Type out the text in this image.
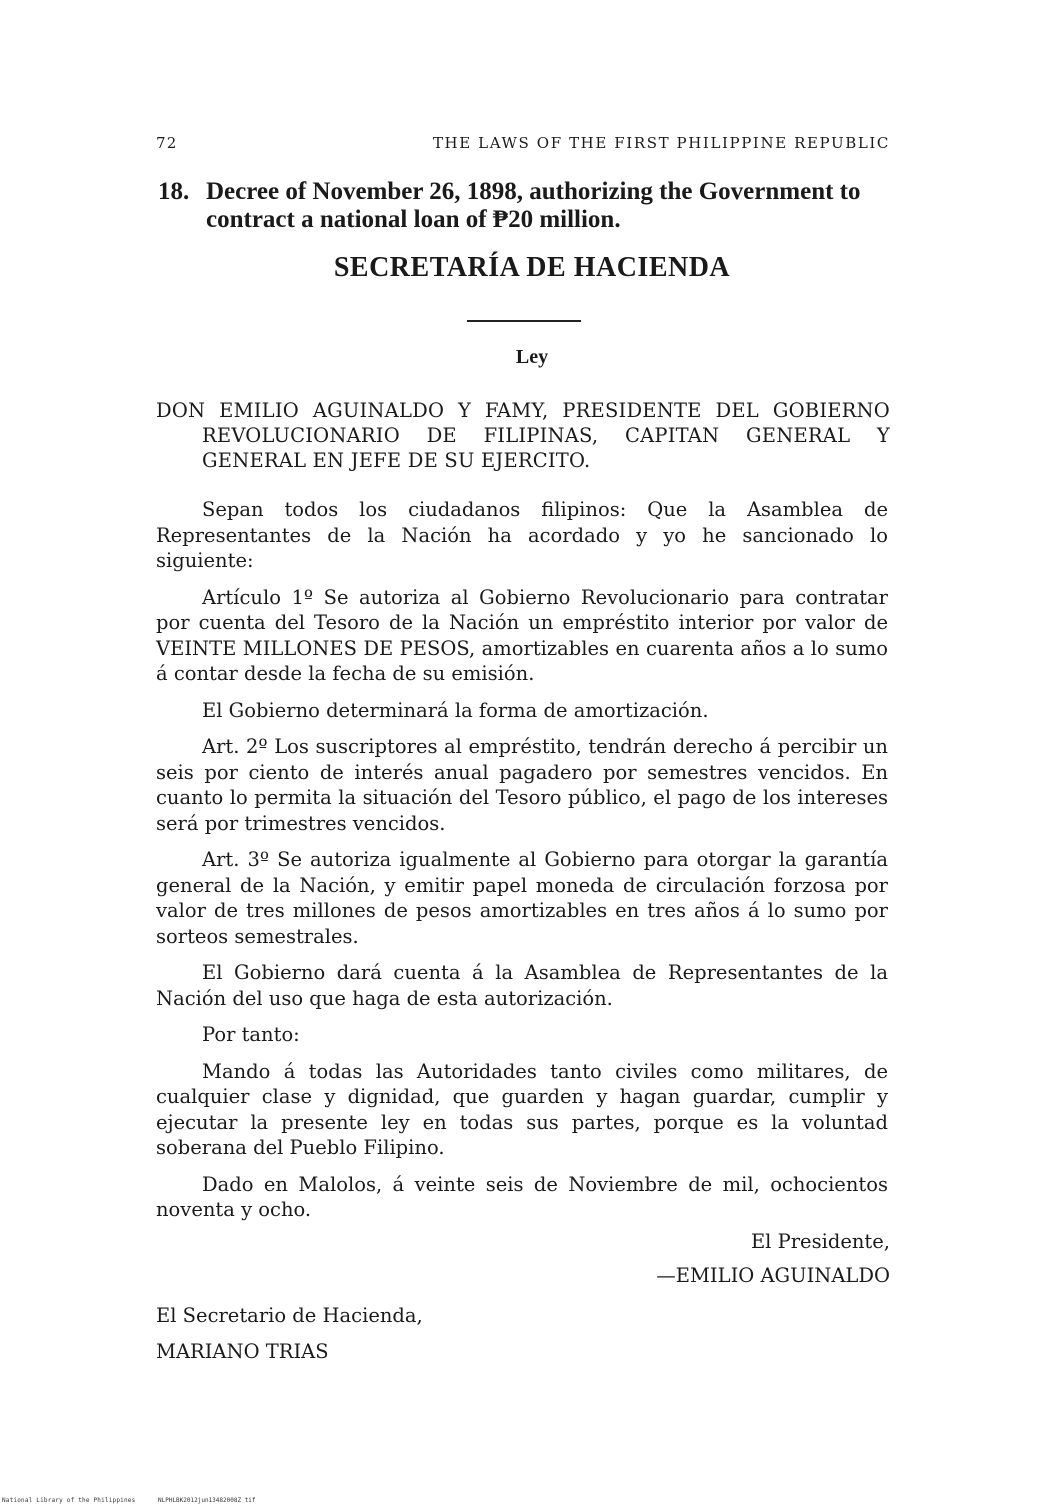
72	THE LAWS OF THE FIRST PHILIPPINE REPUBLIC
18. Decree of November 26, 1898, authorizing the Government to contract a national loan of ₱20 million.
SECRETARÍA DE HACIENDA
Ley
DON EMILIO AGUINALDO Y FAMY, PRESIDENTE DEL GOBIERNO REVOLUCIONARIO DE FILIPINAS, CAPITAN GENERAL Y GENERAL EN JEFE DE SU EJERCITO.

Sepan todos los ciudadanos filipinos: Que la Asamblea de Representantes de la Nación ha acordado y yo he sancionado lo siguiente:

Artículo 1º Se autoriza al Gobierno Revolucionario para contratar por cuenta del Tesoro de la Nación un empréstito interior por valor de VEINTE MILLONES DE PESOS, amortizables en cuarenta años a lo sumo á contar desde la fecha de su emisión.

El Gobierno determinará la forma de amortización.

Art. 2º Los suscriptores al empréstito, tendrán derecho á percibir un seis por ciento de interés anual pagadero por semestres vencidos. En cuanto lo permita la situación del Tesoro público, el pago de los intereses será por trimestres vencidos.

Art. 3º Se autoriza igualmente al Gobierno para otorgar la garantía general de la Nación, y emitir papel moneda de circulación forzosa por valor de tres millones de pesos amortizables en tres años á lo sumo por sorteos semestrales.

El Gobierno dará cuenta á la Asamblea de Representantes de la Nación del uso que haga de esta autorización.

Por tanto:

Mando á todas las Autoridades tanto civiles como militares, de cualquier clase y dignidad, que guarden y hagan guardar, cumplir y ejecutar la presente ley en todas sus partes, porque es la voluntad soberana del Pueblo Filipino.

Dado en Malolos, á veinte seis de Noviembre de mil, ochocientos noventa y ocho.

El Presidente,
—EMILIO AGUINALDO
El Secretario de Hacienda,
MARIANO TRIAS
National Library of the Philippines	NLPHLBK2012jun13482008Z tif
